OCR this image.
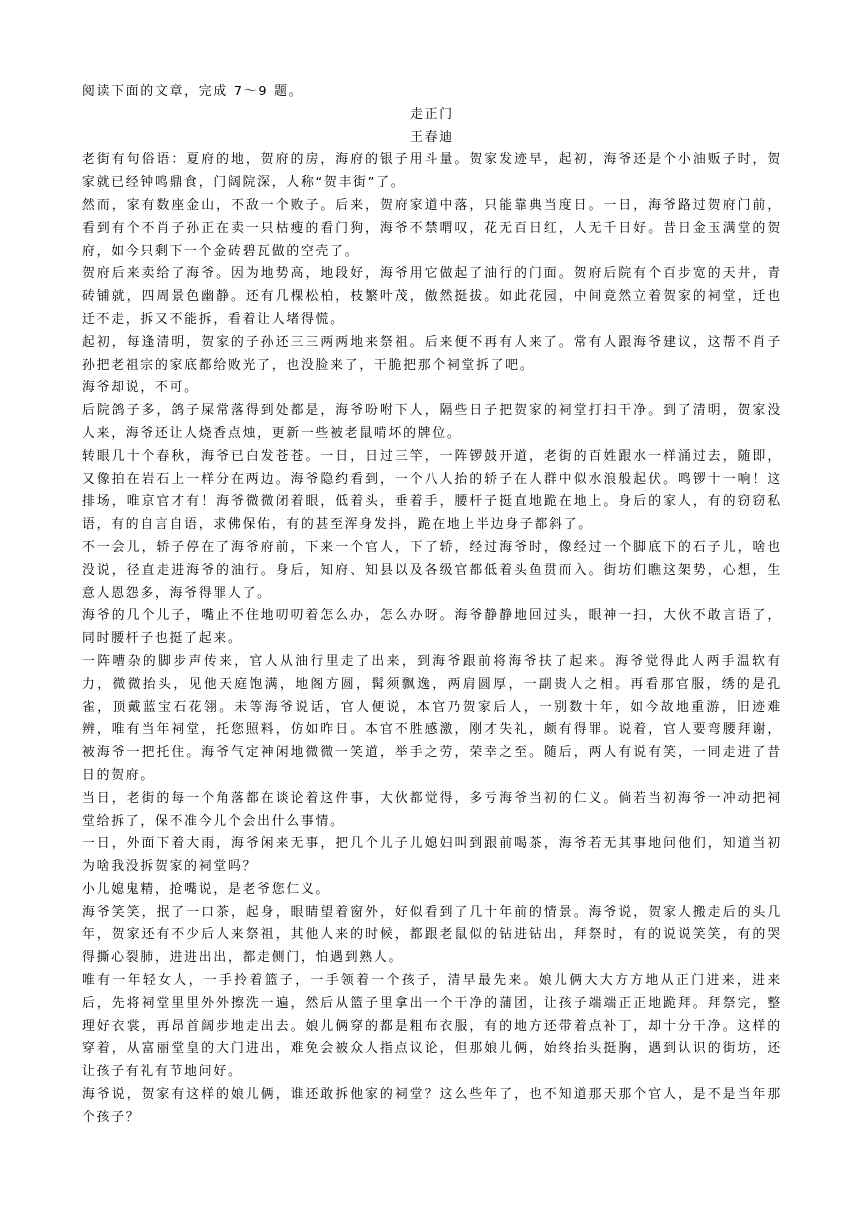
阅读下面的文章，完成 7～9 题。

走正门

王春迪

老街有句俗语：夏府的地，贺府的房，海府的银子用斗量。贺家发迹早，起初，海爷还是个小油贩子时，贺家就已经钟鸣鼎食，门阔院深，人称“贺丰街”了。

然而，家有数座金山，不敌一个败子。后来，贺府家道中落，只能靠典当度日。一日，海爷路过贺府门前，看到有个不肖子孙正在卖一只枯瘦的看门狗，海爷不禁喟叹，花无百日红，人无千日好。昔日金玉满堂的贺府，如今只剩下一个金砖碧瓦做的空壳了。

贺府后来卖给了海爷。因为地势高，地段好，海爷用它做起了油行的门面。贺府后院有个百步宽的天井，青砖铺就，四周景色幽静。还有几棵松柏，枝繁叶茂，傲然挺拔。如此花园，中间竟然立着贺家的祠堂，迁也迁不走，拆又不能拆，看着让人堵得慌。

起初，每逢清明，贺家的子孙还三三两两地来祭祖。后来便不再有人来了。常有人跟海爷建议，这帮不肖子孙把老祖宗的家底都给败光了，也没脸来了，干脆把那个祠堂拆了吧。

海爷却说，不可。

后院鸽子多，鸽子屎常落得到处都是，海爷吩咐下人，隔些日子把贺家的祠堂打扫干净。到了清明，贺家没人来，海爷还让人烧香点烛，更新一些被老鼠啃坏的牌位。

转眼几十个春秋，海爷已白发苍苍。一日，日过三竿，一阵锣鼓开道，老街的百姓跟水一样涌过去，随即，又像拍在岩石上一样分在两边。海爷隐约看到，一个八人抬的轿子在人群中似水浪般起伏。鸣锣十一响！这排场，唯京官才有！海爷微微闭着眼，低着头，垂着手，腰杆子挺直地跪在地上。身后的家人，有的窃窃私语，有的自言自语，求佛保佑，有的甚至浑身发抖，跪在地上半边身子都斜了。

不一会儿，轿子停在了海爷府前，下来一个官人，下了轿，经过海爷时，像经过一个脚底下的石子儿，啥也没说，径直走进海爷的油行。身后，知府、知县以及各级官都低着头鱼贯而入。街坊们瞧这架势，心想，生意人恩怨多，海爷得罪人了。

海爷的几个儿子，嘴止不住地叨叨着怎么办，怎么办呀。海爷静静地回过头，眼神一扫，大伙不敢言语了，同时腰杆子也挺了起来。

一阵嘈杂的脚步声传来，官人从油行里走了出来，到海爷跟前将海爷扶了起来。海爷觉得此人两手温软有力，微微抬头，见他天庭饱满，地阁方圆，髯须飘逸，两肩圆厚，一副贵人之相。再看那官服，绣的是孔雀，顶戴蓝宝石花翎。未等海爷说话，官人便说，本官乃贺家后人，一别数十年，如今故地重游，旧迹难辨，唯有当年祠堂，托您照料，仿如昨日。本官不胜感激，刚才失礼，颇有得罪。说着，官人要弯腰拜谢，被海爷一把托住。海爷气定神闲地微微一笑道，举手之劳，荣幸之至。随后，两人有说有笑，一同走进了昔日的贺府。

当日，老街的每一个角落都在谈论着这件事，大伙都觉得，多亏海爷当初的仁义。倘若当初海爷一冲动把祠堂给拆了，保不准今儿个会出什么事情。

一日，外面下着大雨，海爷闲来无事，把几个儿子儿媳妇叫到跟前喝茶，海爷若无其事地问他们，知道当初为啥我没拆贺家的祠堂吗？

小儿媳鬼精，抢嘴说，是老爷您仁义。

海爷笑笑，抿了一口茶，起身，眼睛望着窗外，好似看到了几十年前的情景。海爷说，贺家人搬走后的头几年，贺家还有不少后人来祭祖，其他人来的时候，都跟老鼠似的钻进钻出，拜祭时，有的说说笑笑，有的哭得撕心裂肺，进进出出，都走侧门，怕遇到熟人。

唯有一年轻女人，一手拎着篮子，一手领着一个孩子，清早最先来。娘儿俩大大方方地从正门进来，进来后，先将祠堂里里外外擦洗一遍，然后从篮子里拿出一个干净的蒲团，让孩子端端正正地跪拜。拜祭完，整理好衣裳，再昂首阔步地走出去。娘儿俩穿的都是粗布衣服，有的地方还带着点补丁，却十分干净。这样的穿着，从富丽堂皇的大门进出，难免会被众人指点议论，但那娘儿俩，始终抬头挺胸，遇到认识的街坊，还让孩子有礼有节地问好。

海爷说，贺家有这样的娘儿俩，谁还敢拆他家的祠堂？这么些年了，也不知道那天那个官人，是不是当年那个孩子？
